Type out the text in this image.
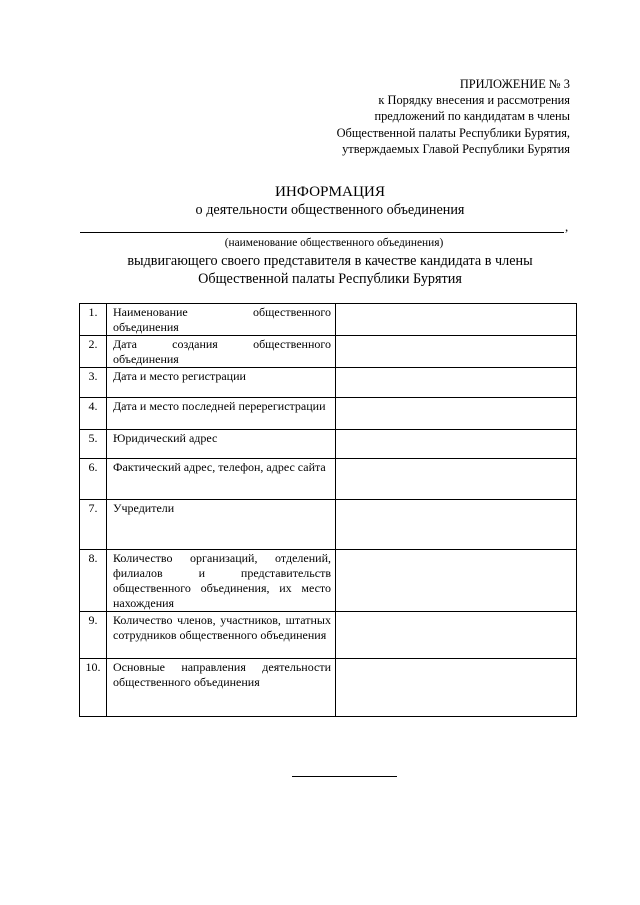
ПРИЛОЖЕНИЕ № 3
к Порядку внесения и рассмотрения
предложений по кандидатам в члены
Общественной палаты Республики Бурятия,
утверждаемых Главой Республики Бурятия
ИНФОРМАЦИЯ
о деятельности общественного объединения
,
(наименование общественного объединения)
выдвигающего своего представителя в качестве кандидата в члены
Общественной палаты Республики Бурятия
1.	Наименование общественного объединения	
2.	Дата создания общественного объединения	
3.	Дата и место регистрации	
4.	Дата и место последней перерегистрации	
5.	Юридический адрес	
6.	Фактический адрес, телефон, адрес сайта	
7.	Учредители	
8.	Количество организаций, отделений, филиалов и представительств общественного объединения, их место нахождения	
9.	Количество членов, участников, штатных сотрудников общественного объединения	
10.	Основные направления деятельности общественного объединения	
